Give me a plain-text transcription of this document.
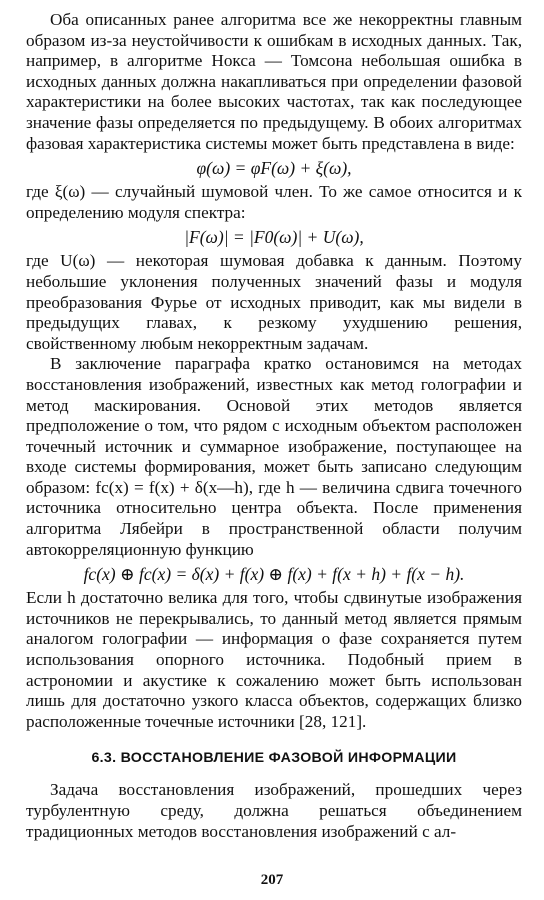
Оба описанных ранее алгоритма все же некорректны главным образом из-за неустойчивости к ошибкам в исходных данных. Так, например, в алгоритме Нокса — Томсона небольшая ошибка в исходных данных должна накапливаться при определении фазовой характеристики на более высоких частотах, так как последующее значение фазы определяется по предыдущему. В обоих алгоритмах фазовая характеристика системы может быть представлена в виде:

φ(ω) = φF(ω) + ξ(ω),

где ξ(ω) — случайный шумовой член. То же самое относится и к определению модуля спектра:

|F(ω)| = |F0(ω)| + U(ω),

где U(ω) — некоторая шумовая добавка к данным. Поэтому небольшие уклонения полученных значений фазы и модуля преобразования Фурье от исходных приводит, как мы видели в предыдущих главах, к резкому ухудшению решения, свойственному любым некорректным задачам.

В заключение параграфа кратко остановимся на методах восстановления изображений, известных как метод голографии и метод маскирования. Основой этих методов является предположение о том, что рядом с исходным объектом расположен точечный источник и суммарное изображение, поступающее на входе системы формирования, может быть записано следующим образом: fc(x) = f(x) + δ(x—h), где h — величина сдвига точечного источника относительно центра объекта. После применения алгоритма Лябейри в пространственной области получим автокорреляционную функцию

fc(x) ⊕ fc(x) = δ(x) + f(x) ⊕ f(x) + f(x + h) + f(x − h).

Если h достаточно велика для того, чтобы сдвинутые изображения источников не перекрывались, то данный метод является прямым аналогом голографии — информация о фазе сохраняется путем использования опорного источника. Подобный прием в астрономии и акустике к сожалению может быть использован лишь для достаточно узкого класса объектов, содержащих близко расположенные точечные источники [28, 121].

6.3. ВОССТАНОВЛЕНИЕ ФАЗОВОЙ ИНФОРМАЦИИ

Задача восстановления изображений, прошедших через турбулентную среду, должна решаться объединением традиционных методов восстановления изображений с ал-

207
